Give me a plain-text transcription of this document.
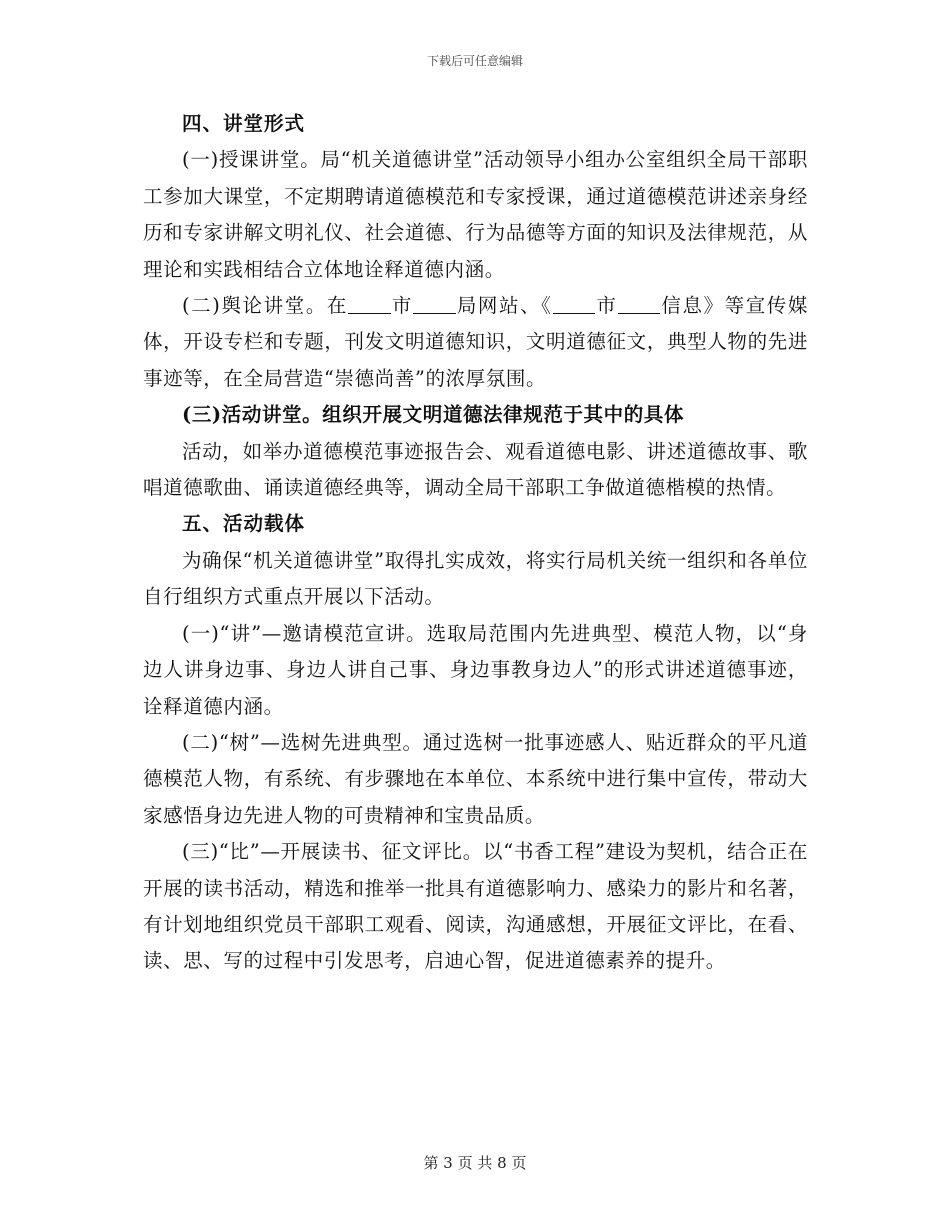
下载后可任意编辑

四、讲堂形式

(一)授课讲堂。局“机关道德讲堂”活动领导小组办公室组织全局干部职工参加大课堂，不定期聘请道德模范和专家授课，通过道德模范讲述亲身经历和专家讲解文明礼仪、社会道德、行为品德等方面的知识及法律规范，从理论和实践相结合立体地诠释道德内涵。

(二)舆论讲堂。在 市 局网站、《 市 信息》等宣传媒体，开设专栏和专题，刊发文明道德知识，文明道德征文，典型人物的先进事迹等，在全局营造“崇德尚善”的浓厚氛围。

(三)活动讲堂。组织开展文明道德法律规范于其中的具体

活动，如举办道德模范事迹报告会、观看道德电影、讲述道德故事、歌唱道德歌曲、诵读道德经典等，调动全局干部职工争做道德楷模的热情。

五、活动载体

为确保“机关道德讲堂”取得扎实成效，将实行局机关统一组织和各单位自行组织方式重点开展以下活动。

(一)“讲”—邀请模范宣讲。选取局范围内先进典型、模范人物，以“身边人讲身边事、身边人讲自己事、身边事教身边人”的形式讲述道德事迹，诠释道德内涵。

(二)“树”—选树先进典型。通过选树一批事迹感人、贴近群众的平凡道德模范人物，有系统、有步骤地在本单位、本系统中进行集中宣传，带动大家感悟身边先进人物的可贵精神和宝贵品质。

(三)“比”—开展读书、征文评比。以“书香工程”建设为契机，结合正在开展的读书活动，精选和推举一批具有道德影响力、感染力的影片和名著，有计划地组织党员干部职工观看、阅读，沟通感想，开展征文评比，在看、读、思、写的过程中引发思考，启迪心智，促进道德素养的提升。

第 3 页 共 8 页
